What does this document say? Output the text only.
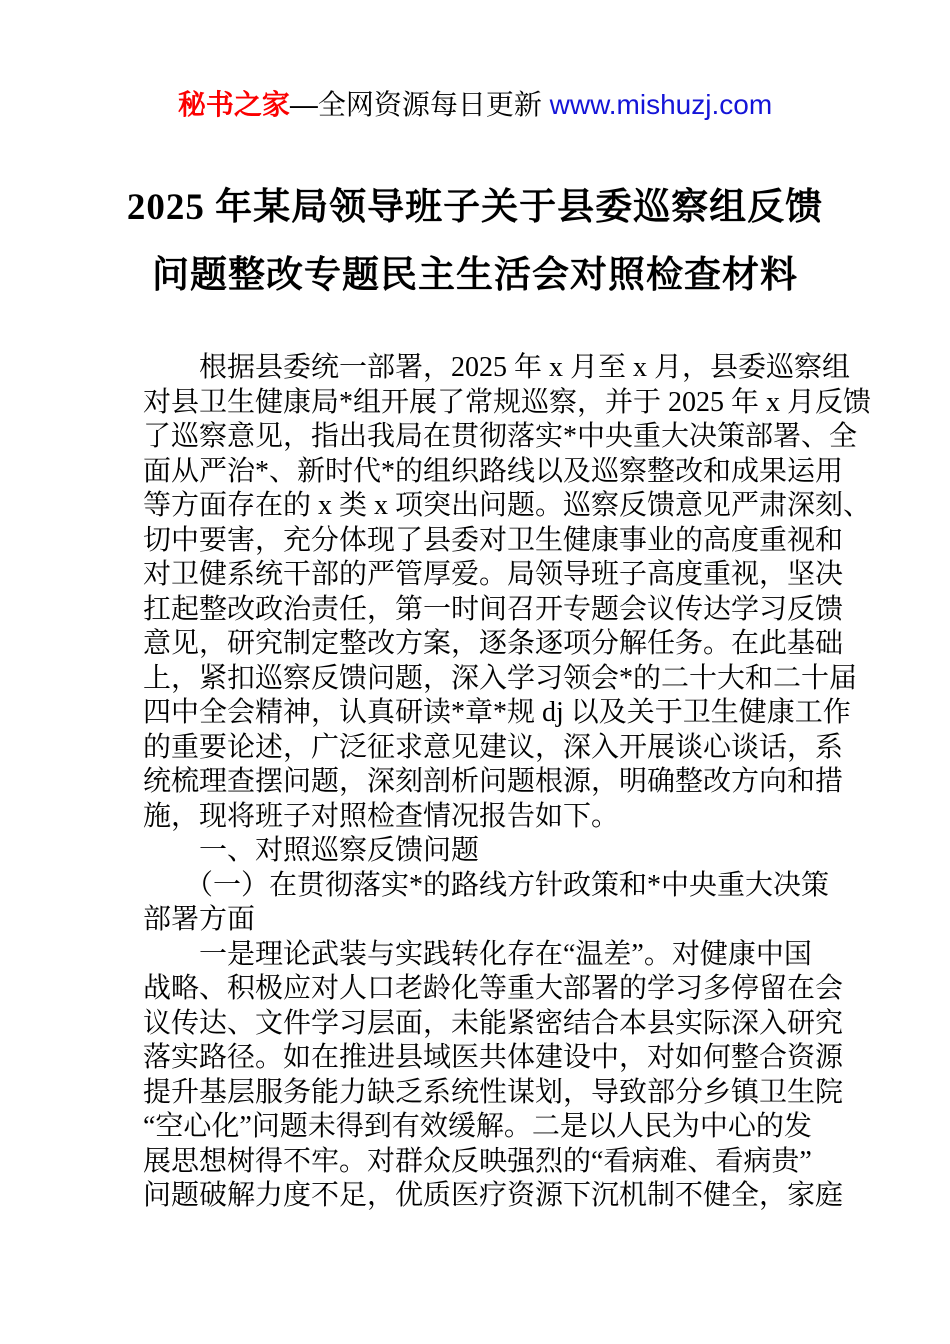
秘书之家—全网资源每日更新 www.mishuzj.com
2025 年某局领导班子关于县委巡察组反馈
问题整改专题民主生活会对照检查材料
　　根据县委统一部署，2025 年 x 月至 x 月，县委巡察组
对县卫生健康局*组开展了常规巡察，并于 2025 年 x 月反馈
了巡察意见，指出我局在贯彻落实*中央重大决策部署、全
面从严治*、新时代*的组织路线以及巡察整改和成果运用
等方面存在的 x 类 x 项突出问题。巡察反馈意见严肃深刻、
切中要害，充分体现了县委对卫生健康事业的高度重视和
对卫健系统干部的严管厚爱。局领导班子高度重视，坚决
扛起整改政治责任，第一时间召开专题会议传达学习反馈
意见，研究制定整改方案，逐条逐项分解任务。在此基础
上，紧扣巡察反馈问题，深入学习领会*的二十大和二十届
四中全会精神，认真研读*章*规 dj 以及关于卫生健康工作
的重要论述，广泛征求意见建议，深入开展谈心谈话，系
统梳理查摆问题，深刻剖析问题根源，明确整改方向和措
施，现将班子对照检查情况报告如下。
　　一、对照巡察反馈问题
　　（一）在贯彻落实*的路线方针政策和*中央重大决策
部署方面
　　一是理论武装与实践转化存在“温差”。对健康中国
战略、积极应对人口老龄化等重大部署的学习多停留在会
议传达、文件学习层面，未能紧密结合本县实际深入研究
落实路径。如在推进县域医共体建设中，对如何整合资源
提升基层服务能力缺乏系统性谋划，导致部分乡镇卫生院
“空心化”问题未得到有效缓解。二是以人民为中心的发
展思想树得不牢。对群众反映强烈的“看病难、看病贵”
问题破解力度不足，优质医疗资源下沉机制不健全，家庭
